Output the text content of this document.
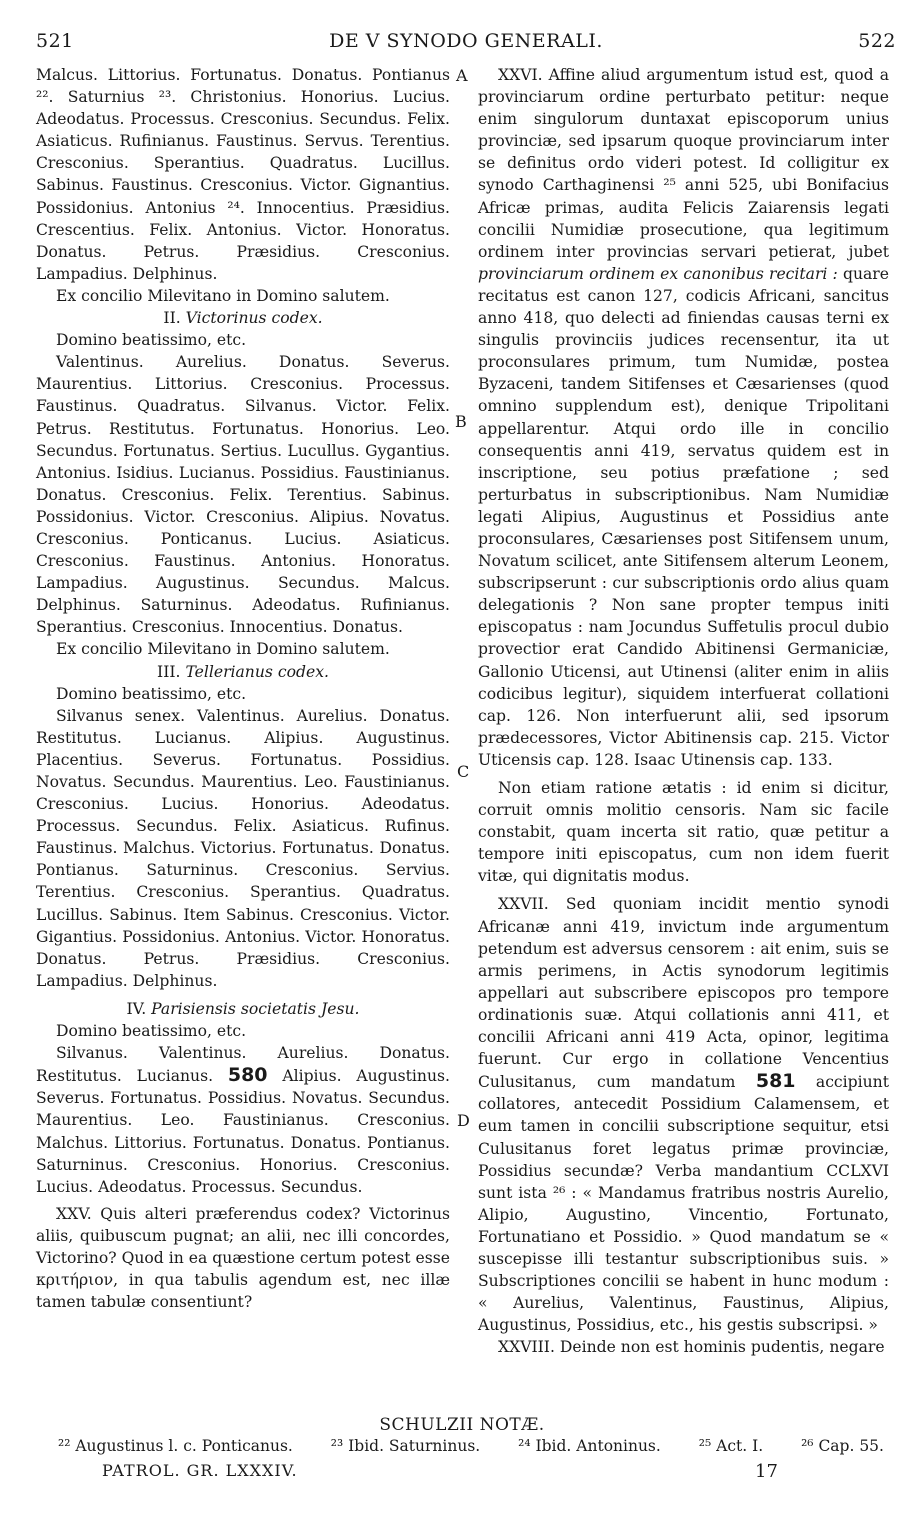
521	DE V SYNODO GENERALI.	522
A
B
C
D

Malcus. Littorius. Fortunatus. Donatus. Pontianus ²². Saturnius ²³. Christonius. Honorius. Lucius. Adeodatus. Processus. Cresconius. Secundus. Felix. Asiaticus. Rufinianus. Faustinus. Servus. Terentius. Cresconius. Sperantius. Quadratus. Lucillus. Sabinus. Faustinus. Cresconius. Victor. Gignantius. Possidonius. Antonius ²⁴. Innocentius. Præsidius. Crescentius. Felix. Antonius. Victor. Honoratus. Donatus. Petrus. Præsidius. Cresconius. Lampadius. Delphinus.

Ex concilio Milevitano in Domino salutem.

II. Victorinus codex.

Domino beatissimo, etc.

Valentinus. Aurelius. Donatus. Severus. Maurentius. Littorius. Cresconius. Processus. Faustinus. Quadratus. Silvanus. Victor. Felix. Petrus. Restitutus. Fortunatus. Honorius. Leo. Secundus. Fortunatus. Sertius. Lucullus. Gygantius. Antonius. Isidius. Lucianus. Possidius. Faustinianus. Donatus. Cresconius. Felix. Terentius. Sabinus. Possidonius. Victor. Cresconius. Alipius. Novatus. Cresconius. Ponticanus. Lucius. Asiaticus. Cresconius. Faustinus. Antonius. Honoratus. Lampadius. Augustinus. Secundus. Malcus. Delphinus. Saturninus. Adeodatus. Rufinianus. Sperantius. Cresconius. Innocentius. Donatus.

Ex concilio Milevitano in Domino salutem.

III. Tellerianus codex.

Domino beatissimo, etc.

Silvanus senex. Valentinus. Aurelius. Donatus. Restitutus. Lucianus. Alipius. Augustinus. Placentius. Severus. Fortunatus. Possidius. Novatus. Secundus. Maurentius. Leo. Faustinianus. Cresconius. Lucius. Honorius. Adeodatus. Processus. Secundus. Felix. Asiaticus. Rufinus. Faustinus. Malchus. Victorius. Fortunatus. Donatus. Pontianus. Saturninus. Cresconius. Servius. Terentius. Cresconius. Sperantius. Quadratus. Lucillus. Sabinus. Item Sabinus. Cresconius. Victor. Gigantius. Possidonius. Antonius. Victor. Honoratus. Donatus. Petrus. Præsidius. Cresconius. Lampadius. Delphinus.

IV. Parisiensis societatis Jesu.

Domino beatissimo, etc.

Silvanus. Valentinus. Aurelius. Donatus. Restitutus. Lucianus. 580 Alipius. Augustinus. Severus. Fortunatus. Possidius. Novatus. Secundus. Maurentius. Leo. Faustinianus. Cresconius. Malchus. Littorius. Fortunatus. Donatus. Pontianus. Saturninus. Cresconius. Honorius. Cresconius. Lucius. Adeodatus. Processus. Secundus.

XXV. Quis alteri præferendus codex? Victorinus aliis, quibuscum pugnat; an alii, nec illi concordes, Victorino? Quod in ea quæstione certum potest esse κριτήριον, in qua tabulis agendum est, nec illæ tamen tabulæ consentiunt?

XXVI. Affine aliud argumentum istud est, quod a provinciarum ordine perturbato petitur: neque enim singulorum duntaxat episcoporum unius provinciæ, sed ipsarum quoque provinciarum inter se definitus ordo videri potest. Id colligitur ex synodo Carthaginensi ²⁵ anni 525, ubi Bonifacius Africæ primas, audita Felicis Zaiarensis legati concilii Numidiæ prosecutione, qua legitimum ordinem inter provincias servari petierat, jubet provinciarum ordinem ex canonibus recitari : quare recitatus est canon 127, codicis Africani, sancitus anno 418, quo delecti ad finiendas causas terni ex singulis provinciis judices recensentur, ita ut proconsulares primum, tum Numidæ, postea Byzaceni, tandem Sitifenses et Cæsarienses (quod omnino supplendum est), denique Tripolitani appellarentur. Atqui ordo ille in concilio consequentis anni 419, servatus quidem est in inscriptione, seu potius præfatione ; sed perturbatus in subscriptionibus. Nam Numidiæ legati Alipius, Augustinus et Possidius ante proconsulares, Cæsarienses post Sitifensem unum, Novatum scilicet, ante Sitifensem alterum Leonem, subscripserunt : cur subscriptionis ordo alius quam delegationis ? Non sane propter tempus initi episcopatus : nam Jocundus Suffetulis procul dubio provectior erat Candido Abitinensi Germaniciæ, Gallonio Uticensi, aut Utinensi (aliter enim in aliis codicibus legitur), siquidem interfuerat collationi cap. 126. Non interfuerunt alii, sed ipsorum prædecessores, Victor Abitinensis cap. 215. Victor Uticensis cap. 128. Isaac Utinensis cap. 133.

Non etiam ratione ætatis : id enim si dicitur, corruit omnis molitio censoris. Nam sic facile constabit, quam incerta sit ratio, quæ petitur a tempore initi episcopatus, cum non idem fuerit vitæ, qui dignitatis modus.

XXVII. Sed quoniam incidit mentio synodi Africanæ anni 419, invictum inde argumentum petendum est adversus censorem : ait enim, suis se armis perimens, in Actis synodorum legitimis appellari aut subscribere episcopos pro tempore ordinationis suæ. Atqui collationis anni 411, et concilii Africani anni 419 Acta, opinor, legitima fuerunt. Cur ergo in collatione Vencentius Culusitanus, cum mandatum 581 accipiunt collatores, antecedit Possidium Calamensem, et eum tamen in concilii subscriptione sequitur, etsi Culusitanus foret legatus primæ provinciæ, Possidius secundæ? Verba mandantium CCLXVI sunt ista ²⁶ : « Mandamus fratribus nostris Aurelio, Alipio, Augustino, Vincentio, Fortunato, Fortunatiano et Possidio. » Quod mandatum se « suscepisse illi testantur subscriptionibus suis. » Subscriptiones concilii se habent in hunc modum : « Aurelius, Valentinus, Faustinus, Alipius, Augustinus, Possidius, etc., his gestis subscripsi. »

XXVIII. Deinde non est hominis pudentis, negare

SCHULZII NOTÆ.
²² Augustinus l. c. Ponticanus. ²³ Ibid. Saturninus. ²⁴ Ibid. Antoninus. ²⁵ Act. I. ²⁶ Cap. 55.
PATROL. GR. LXXXIV.	17
